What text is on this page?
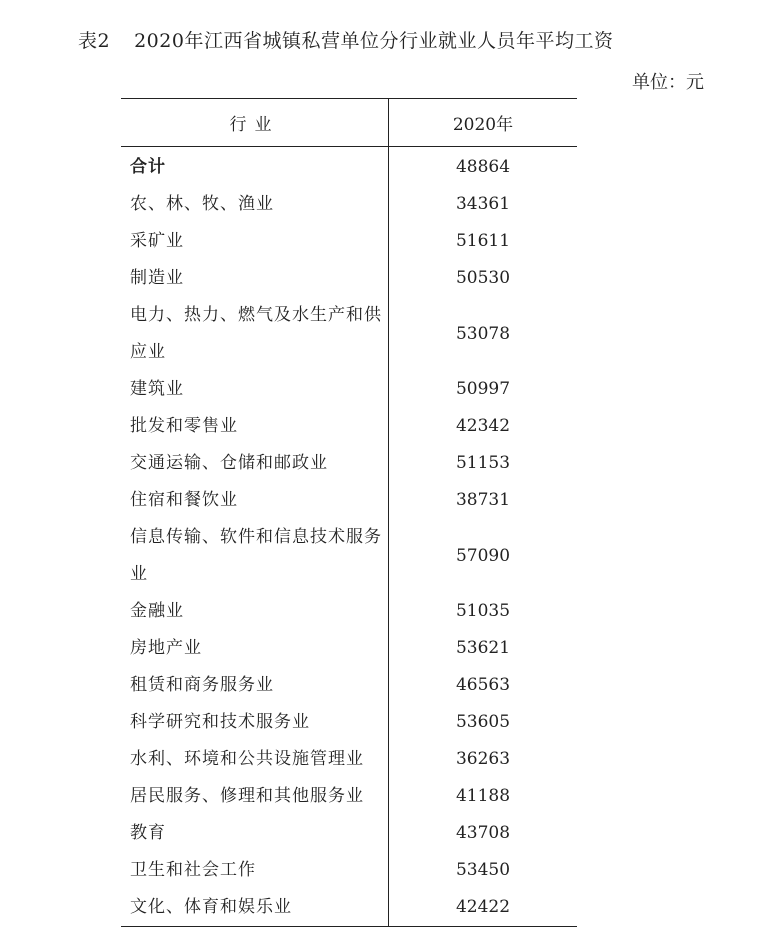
表2 2020年江西省城镇私营单位分行业就业人员年平均工资
单位：元
行业	2020年
合计	48864
农、林、牧、渔业	34361
采矿业	51611
制造业	50530
电力、热力、燃气及水生产和供应业	53078
建筑业	50997
批发和零售业	42342
交通运输、仓储和邮政业	51153
住宿和餐饮业	38731
信息传输、软件和信息技术服务业	57090
金融业	51035
房地产业	53621
租赁和商务服务业	46563
科学研究和技术服务业	53605
水利、环境和公共设施管理业	36263
居民服务、修理和其他服务业	41188
教育	43708
卫生和社会工作	53450
文化、体育和娱乐业	42422
